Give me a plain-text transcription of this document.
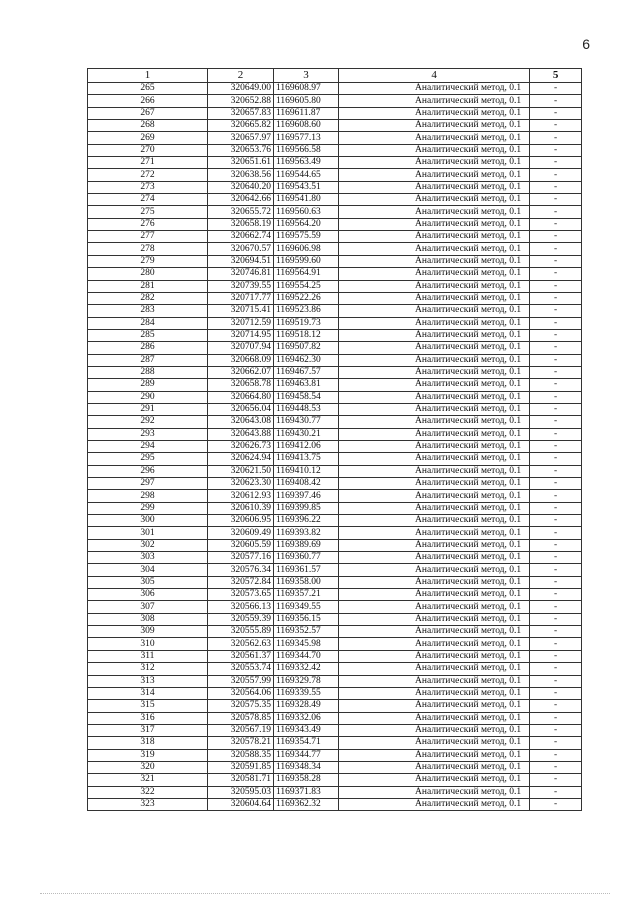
6
1	2	3	4	5
265	320649.00	1169608.97	Аналитический метод, 0.1	-
266	320652.88	1169605.80	Аналитический метод, 0.1	-
267	320657.83	1169611.87	Аналитический метод, 0.1	-
268	320665.82	1169608.60	Аналитический метод, 0.1	-
269	320657.97	1169577.13	Аналитический метод, 0.1	-
270	320653.76	1169566.58	Аналитический метод, 0.1	-
271	320651.61	1169563.49	Аналитический метод, 0.1	-
272	320638.56	1169544.65	Аналитический метод, 0.1	-
273	320640.20	1169543.51	Аналитический метод, 0.1	-
274	320642.66	1169541.80	Аналитический метод, 0.1	-
275	320655.72	1169560.63	Аналитический метод, 0.1	-
276	320658.19	1169564.20	Аналитический метод, 0.1	-
277	320662.74	1169575.59	Аналитический метод, 0.1	-
278	320670.57	1169606.98	Аналитический метод, 0.1	-
279	320694.51	1169599.60	Аналитический метод, 0.1	-
280	320746.81	1169564.91	Аналитический метод, 0.1	-
281	320739.55	1169554.25	Аналитический метод, 0.1	-
282	320717.77	1169522.26	Аналитический метод, 0.1	-
283	320715.41	1169523.86	Аналитический метод, 0.1	-
284	320712.59	1169519.73	Аналитический метод, 0.1	-
285	320714.95	1169518.12	Аналитический метод, 0.1	-
286	320707.94	1169507.82	Аналитический метод, 0.1	-
287	320668.09	1169462.30	Аналитический метод, 0.1	-
288	320662.07	1169467.57	Аналитический метод, 0.1	-
289	320658.78	1169463.81	Аналитический метод, 0.1	-
290	320664.80	1169458.54	Аналитический метод, 0.1	-
291	320656.04	1169448.53	Аналитический метод, 0.1	-
292	320643.08	1169430.77	Аналитический метод, 0.1	-
293	320643.88	1169430.21	Аналитический метод, 0.1	-
294	320626.73	1169412.06	Аналитический метод, 0.1	-
295	320624.94	1169413.75	Аналитический метод, 0.1	-
296	320621.50	1169410.12	Аналитический метод, 0.1	-
297	320623.30	1169408.42	Аналитический метод, 0.1	-
298	320612.93	1169397.46	Аналитический метод, 0.1	-
299	320610.39	1169399.85	Аналитический метод, 0.1	-
300	320606.95	1169396.22	Аналитический метод, 0.1	-
301	320609.49	1169393.82	Аналитический метод, 0.1	-
302	320605.59	1169389.69	Аналитический метод, 0.1	-
303	320577.16	1169360.77	Аналитический метод, 0.1	-
304	320576.34	1169361.57	Аналитический метод, 0.1	-
305	320572.84	1169358.00	Аналитический метод, 0.1	-
306	320573.65	1169357.21	Аналитический метод, 0.1	-
307	320566.13	1169349.55	Аналитический метод, 0.1	-
308	320559.39	1169356.15	Аналитический метод, 0.1	-
309	320555.89	1169352.57	Аналитический метод, 0.1	-
310	320562.63	1169345.98	Аналитический метод, 0.1	-
311	320561.37	1169344.70	Аналитический метод, 0.1	-
312	320553.74	1169332.42	Аналитический метод, 0.1	-
313	320557.99	1169329.78	Аналитический метод, 0.1	-
314	320564.06	1169339.55	Аналитический метод, 0.1	-
315	320575.35	1169328.49	Аналитический метод, 0.1	-
316	320578.85	1169332.06	Аналитический метод, 0.1	-
317	320567.19	1169343.49	Аналитический метод, 0.1	-
318	320578.21	1169354.71	Аналитический метод, 0.1	-
319	320588.35	1169344.77	Аналитический метод, 0.1	-
320	320591.85	1169348.34	Аналитический метод, 0.1	-
321	320581.71	1169358.28	Аналитический метод, 0.1	-
322	320595.03	1169371.83	Аналитический метод, 0.1	-
323	320604.64	1169362.32	Аналитический метод, 0.1	-
